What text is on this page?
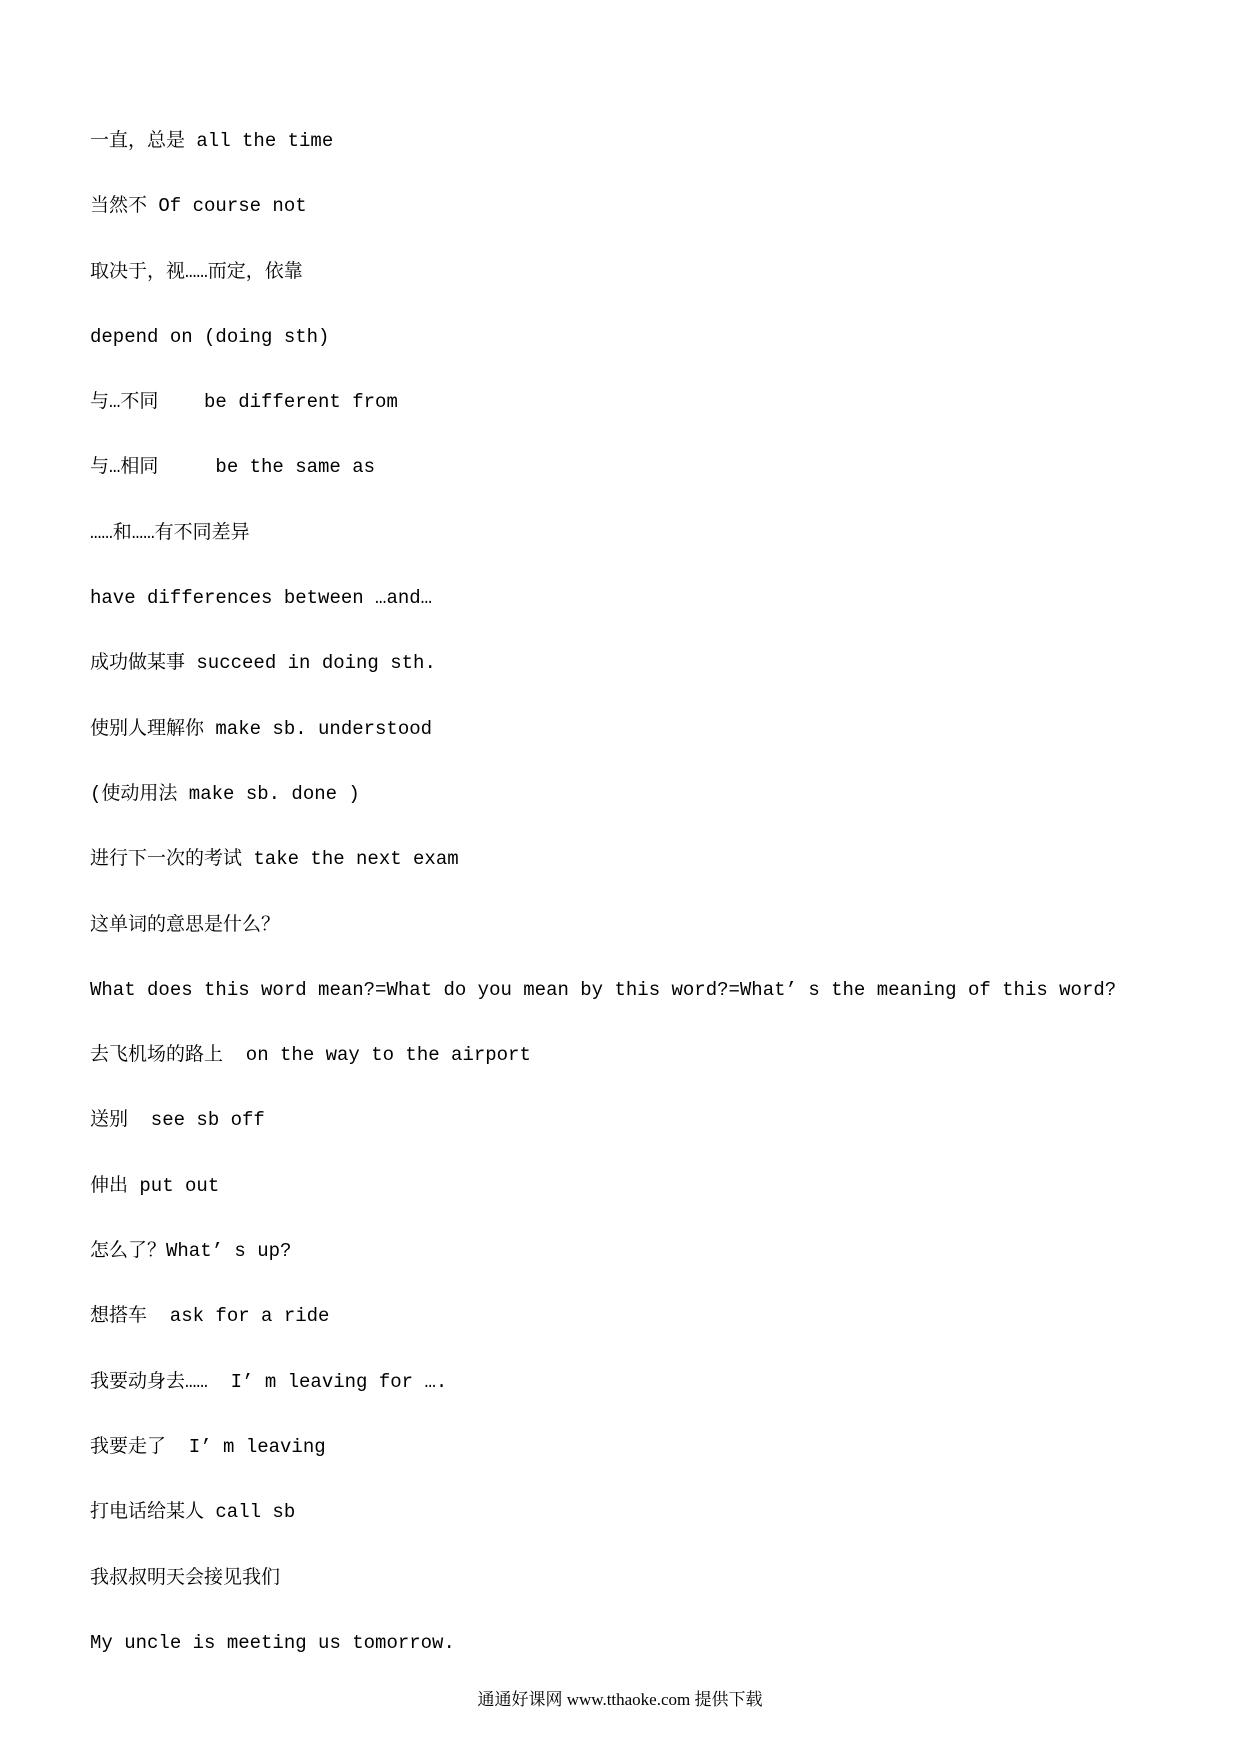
一直，总是 all the time
当然不 Of course not
取决于，视……而定，依靠
depend on (doing sth)
与…不同    be different from
与…相同     be the same as
……和……有不同差异
have differences between …and…
成功做某事 succeed in doing sth.
使别人理解你 make sb. understood
(使动用法 make sb. done )
进行下一次的考试 take the next exam
这单词的意思是什么？
What does this word mean?=What do you mean by this word?=What’ s the meaning of this word?
去飞机场的路上  on the way to the airport
送别  see sb off
伸出 put out
怎么了？What’ s up?
想搭车  ask for a ride
我要动身去……  I’ m leaving for ….
我要走了  I’ m leaving
打电话给某人 call sb
我叔叔明天会接见我们
My uncle is meeting us tomorrow.
通通好课网 www.tthaoke.com 提供下载
